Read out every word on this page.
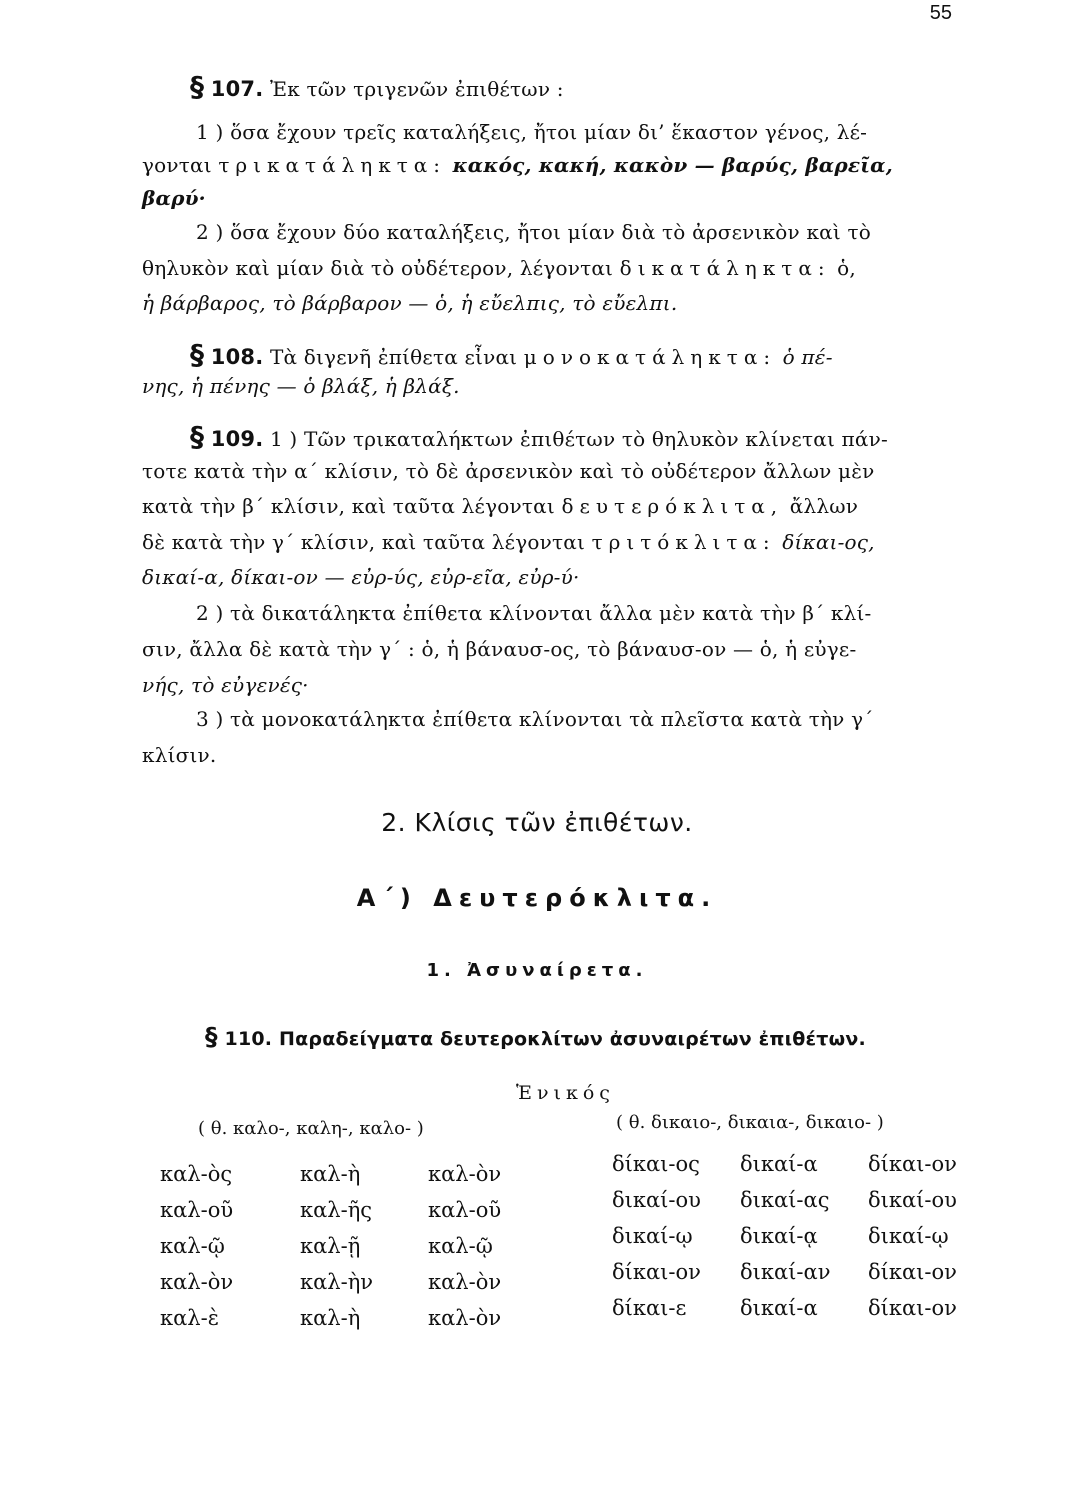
55
§ 107. Ἐκ τῶν τριγενῶν ἐπιθέτων :
1 ) ὅσα ἔχουν τρεῖς καταλήξεις, ἤτοι μίαν δι’ ἕκαστον γένος, λέ-
γονται τρικατάληκτα: κακός, κακή, κακὸν — βαρύς, βαρεῖα,
βαρύ·
2 ) ὅσα ἔχουν δύο καταλήξεις, ἤτοι μίαν διὰ τὸ ἀρσενικὸν καὶ τὸ
θηλυκὸν καὶ μίαν διὰ τὸ οὐδέτερον, λέγονται δικατάληκτα: ὁ,
ἡ βάρβαρος, τὸ βάρβαρον — ὁ, ἡ εὔελπις, τὸ εὔελπι.
§ 108. Τὰ διγενῆ ἐπίθετα εἶναι μονοκατάληκτα: ὁ πέ-
νης, ἡ πένης — ὁ βλάξ, ἡ βλάξ.
§ 109. 1 ) Τῶν τρικαταλήκτων ἐπιθέτων τὸ θηλυκὸν κλίνεται πάν-
τοτε κατὰ τὴν α΄ κλίσιν, τὸ δὲ ἀρσενικὸν καὶ τὸ οὐδέτερον ἄλλων μὲν
κατὰ τὴν β΄ κλίσιν, καὶ ταῦτα λέγονται δευτερόκλιτα, ἄλλων
δὲ κατὰ τὴν γ΄ κλίσιν, καὶ ταῦτα λέγονται τριτόκλιτα: δίκαι-ος,
δικαί-α, δίκαι-ον — εὐρ-ύς, εὐρ-εῖα, εὐρ-ύ·
2 ) τὰ δικατάληκτα ἐπίθετα κλίνονται ἄλλα μὲν κατὰ τὴν β΄ κλί-
σιν, ἄλλα δὲ κατὰ τὴν γ΄ : ὁ, ἡ βάναυσ-ος, τὸ βάναυσ-ον — ὁ, ἡ εὐγε-
νής, τὸ εὐγενές·
3 ) τὰ μονοκατάληκτα ἐπίθετα κλίνονται τὰ πλεῖστα κατὰ τὴν γ΄
κλίσιν.
2. Κλίσις τῶν ἐπιθέτων.
Α΄) Δευτερόκλιτα.
1. Ἀσυναίρετα.
§ 110. Παραδείγματα δευτεροκλίτων ἀσυναιρέτων ἐπιθέτων.
Ἑνικός
( θ. καλο-, καλη-, καλο- )
καλ-ὸς	καλ-ὴ	καλ-ὸν
καλ-οῦ	καλ-ῆς	καλ-οῦ
καλ-ῷ	καλ-ῇ	καλ-ῷ
καλ-ὸν	καλ-ὴν	καλ-ὸν
καλ-ὲ	καλ-ὴ	καλ-ὸν
( θ. δικαιο-, δικαια-, δικαιο- )
δίκαι-ος δικαί-α δίκαι-ον
δικαί-ου δικαί-ας δικαί-ου
δικαί-ῳ δικαί-ᾳ δικαί-ῳ
δίκαι-ον δικαί-αν δίκαι-ον
δίκαι-ε	δικαί-α δίκαι-ον
